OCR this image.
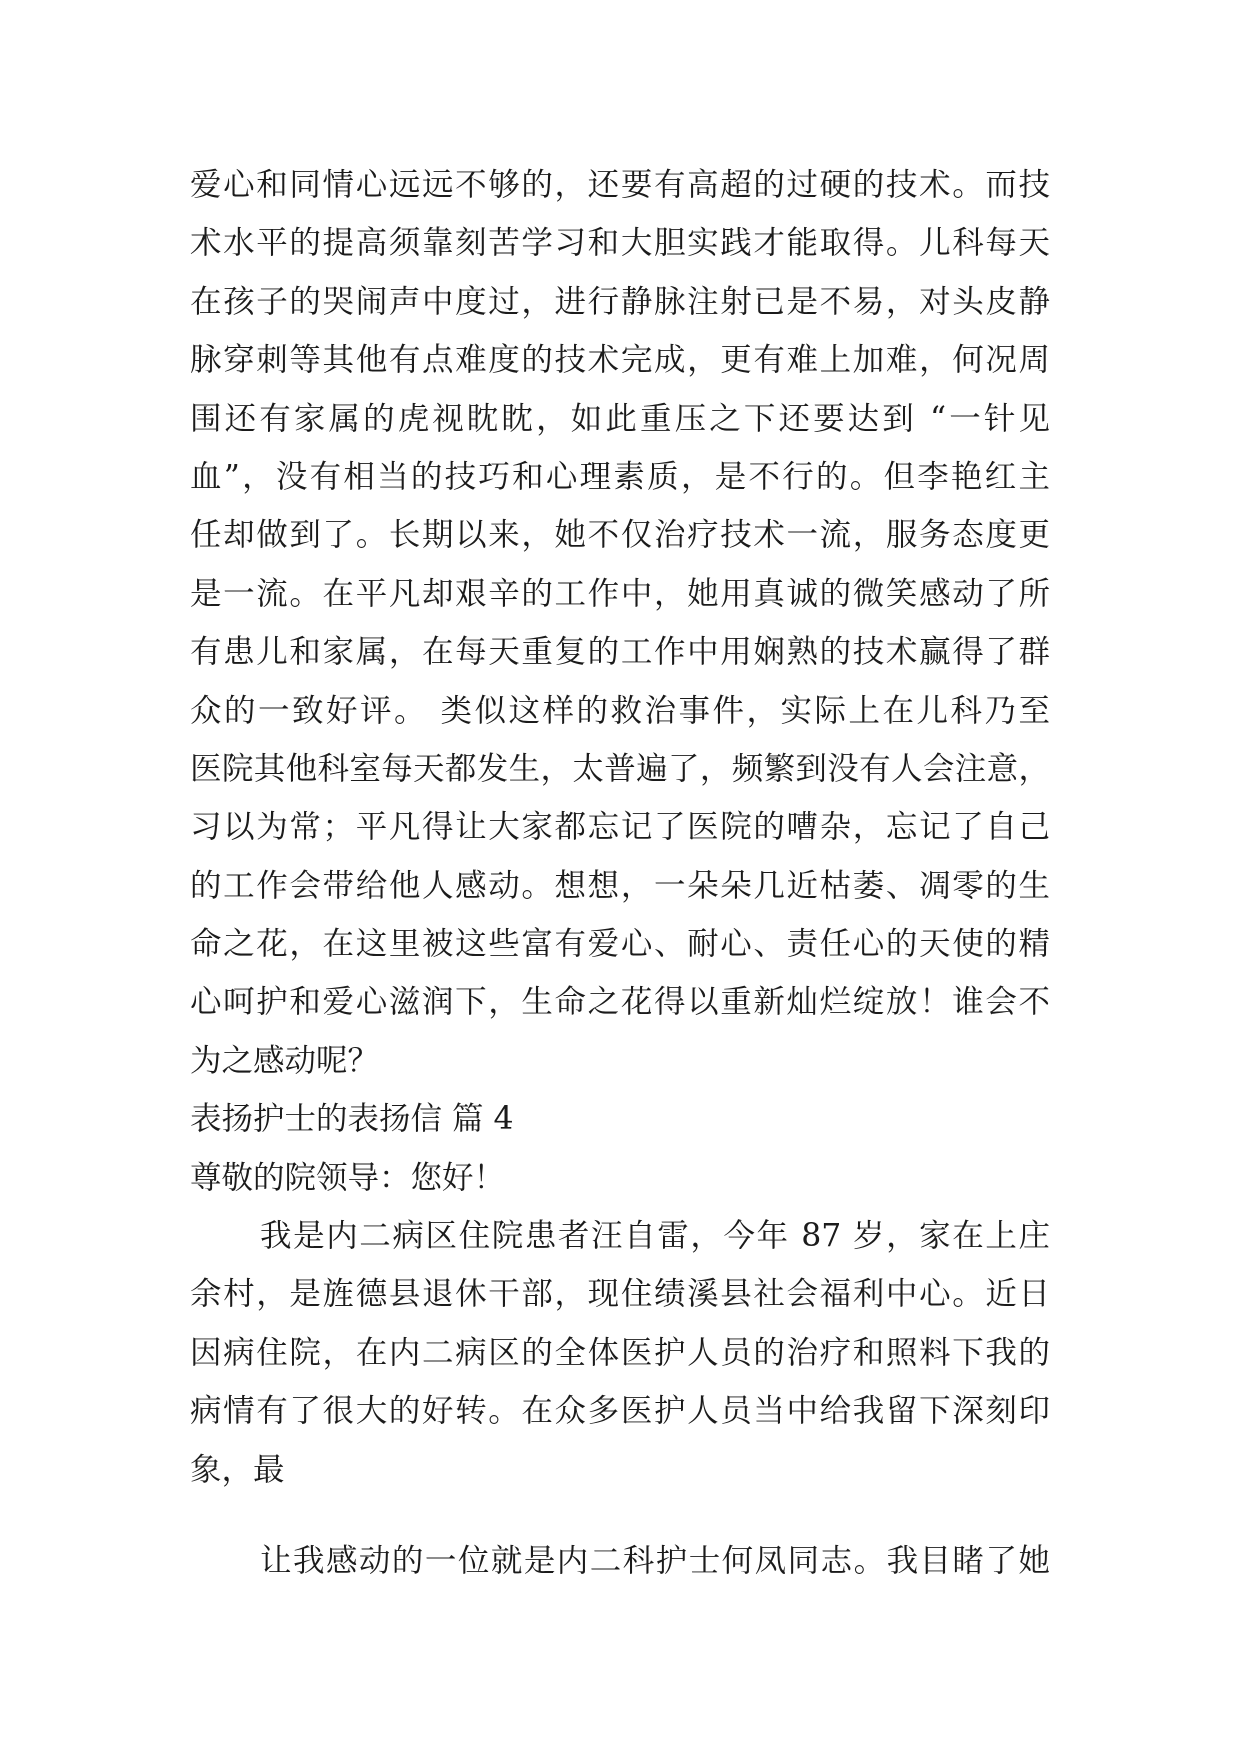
爱心和同情心远远不够的，还要有高超的过硬的技术。而技
术水平的提高须靠刻苦学习和大胆实践才能取得。儿科每天
在孩子的哭闹声中度过，进行静脉注射已是不易，对头皮静
脉穿刺等其他有点难度的技术完成，更有难上加难，何况周
围还有家属的虎视眈眈，如此重压之下还要达到 “一针见
血”，没有相当的技巧和心理素质，是不行的。但李艳红主
任却做到了。长期以来，她不仅治疗技术一流，服务态度更
是一流。在平凡却艰辛的工作中，她用真诚的微笑感动了所
有患儿和家属，在每天重复的工作中用娴熟的技术赢得了群
众的一致好评。 类似这样的救治事件，实际上在儿科乃至
医院其他科室每天都发生，太普遍了，频繁到没有人会注意，
习以为常；平凡得让大家都忘记了医院的嘈杂，忘记了自己
的工作会带给他人感动。想想，一朵朵几近枯萎、凋零的生
命之花，在这里被这些富有爱心、耐心、责任心的天使的精
心呵护和爱心滋润下，生命之花得以重新灿烂绽放！谁会不
为之感动呢？
表扬护士的表扬信 篇 4
尊敬的院领导：您好！
我是内二病区住院患者汪自雷，今年 87 岁，家在上庄
余村，是旌德县退休干部，现住绩溪县社会福利中心。近日
因病住院，在内二病区的全体医护人员的治疗和照料下我的
病情有了很大的好转。在众多医护人员当中给我留下深刻印
象，最
让我感动的一位就是内二科护士何凤同志。我目睹了她
